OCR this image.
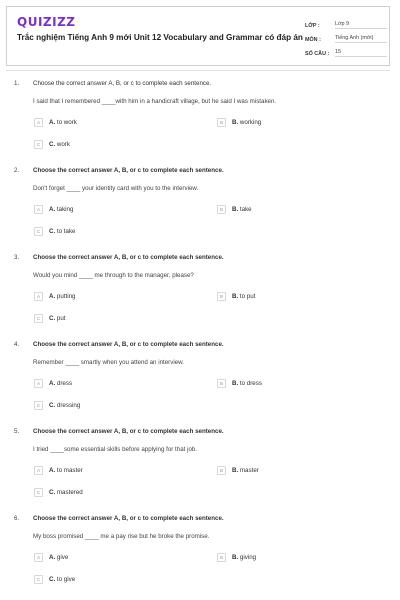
QUIZIZZ
Trắc nghiệm Tiếng Anh 9 mới Unit 12 Vocabulary and Grammar có đáp án
LỚP :	Lớp 9
MÔN :	Tiếng Anh (mới)
SỐ CÂU :	15
1. Choose the correct answer A, B, or c to complete each sentence.
I said that I remembered ____with him in a handicraft village, but he said I was mistaken.
A	A. to work	B	B. working
C	C. work
2. Choose the correct answer A, B, or c to complete each sentence.
Don't forget ____ your identity card with you to the interview.
A	A. taking	B	B. take
C	C. to take
3. Choose the correct answer A, B, or c to complete each sentence.
Would you mind ____ me through to the manager, please?
A	A. putting	B	B. to put
C	C. put
4. Choose the correct answer A, B, or c to complete each sentence.
Remember ____ smartly when you attend an interview.
A	A. dress	B	B. to dress
C	C. dressing
5. Choose the correct answer A, B, or c to complete each sentence.
I tried ____some essential skills before applying for that job.
A	A. to master	B	B. master
C	C. mastered
6. Choose the correct answer A, B, or c to complete each sentence.
My boss promised ____ me a pay rise but he broke the promise.
A	A. give	B	B. giving
C	C. to give
